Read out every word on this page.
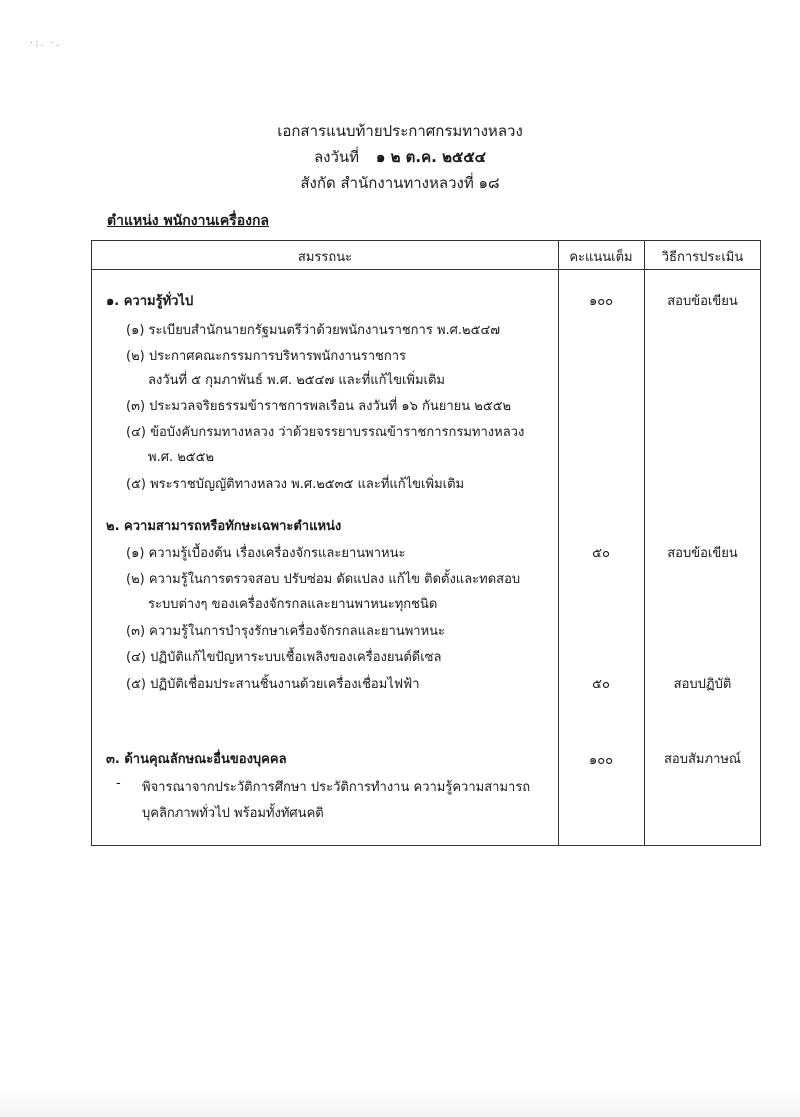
·:. ·.
เอกสารแนบท้ายประกาศกรมทางหลวง
ลงวันที่ ๑ ๒ ต.ค. ๒๕๕๔
สังกัด สำนักงานทางหลวงที่ ๑๘
ตำแหน่ง พนักงานเครื่องกล
สมรรถนะ	คะแนนเต็ม	วิธีการประเมิน
๑. ความรู้ทั่วไป	๑๐๐	สอบข้อเขียน
(๑) ระเบียบสำนักนายกรัฐมนตรีว่าด้วยพนักงานราชการ พ.ศ.๒๕๔๗
(๒) ประกาศคณะกรรมการบริหารพนักงานราชการ
ลงวันที่ ๕ กุมภาพันธ์ พ.ศ. ๒๕๔๗ และที่แก้ไขเพิ่มเติม
(๓) ประมวลจริยธรรมข้าราชการพลเรือน ลงวันที่ ๑๖ กันยายน ๒๕๕๒
(๔) ข้อบังคับกรมทางหลวง ว่าด้วยจรรยาบรรณข้าราชการกรมทางหลวง
พ.ศ. ๒๕๕๒
(๕) พระราชบัญญัติทางหลวง พ.ศ.๒๕๓๕ และที่แก้ไขเพิ่มเติม
๒. ความสามารถหรือทักษะเฉพาะตำแหน่ง
(๑) ความรู้เบื้องต้น เรื่องเครื่องจักรและยานพาหนะ	๕๐	สอบข้อเขียน
(๒) ความรู้ในการตรวจสอบ ปรับซ่อม ดัดแปลง แก้ไข ติดตั้งและทดสอบ
ระบบต่างๆ ของเครื่องจักรกลและยานพาหนะทุกชนิด
(๓) ความรู้ในการบำรุงรักษาเครื่องจักรกลและยานพาหนะ
(๔) ปฏิบัติแก้ไขปัญหาระบบเชื้อเพลิงของเครื่องยนต์ดีเซล
(๕) ปฏิบัติเชื่อมประสานชิ้นงานด้วยเครื่องเชื่อมไฟฟ้า	๕๐	สอบปฏิบัติ
๓. ด้านคุณลักษณะอื่นของบุคคล	๑๐๐	สอบสัมภาษณ์
- พิจารณาจากประวัติการศึกษา ประวัติการทำงาน ความรู้ความสามารถ
บุคลิกภาพทั่วไป พร้อมทั้งทัศนคติ
